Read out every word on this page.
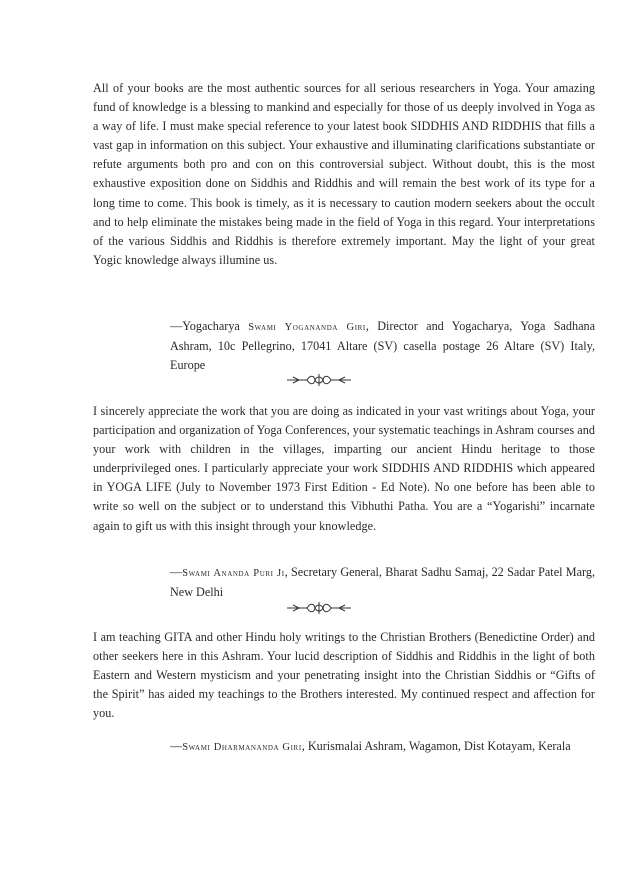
All of your books are the most authentic sources for all serious researchers in Yoga. Your amazing fund of knowledge is a blessing to mankind and especially for those of us deeply involved in Yoga as a way of life. I must make special reference to your latest book SIDDHIS AND RIDDHIS that fills a vast gap in information on this subject. Your exhaustive and illuminating clarifications substantiate or refute arguments both pro and con on this controversial subject. Without doubt, this is the most exhaustive exposition done on Siddhis and Riddhis and will remain the best work of its type for a long time to come. This book is timely, as it is necessary to caution modern seekers about the occult and to help eliminate the mistakes being made in the field of Yoga in this regard. Your interpretations of the various Siddhis and Riddhis is therefore extremely important. May the light of your great Yogic knowledge always illumine us.
—Yogacharya Swami Yogananda Giri, Director and Yogacharya, Yoga Sadhana Ashram, 10c Pellegrino, 17041 Altare (SV) casella postage 26 Altare (SV) Italy, Europe
I sincerely appreciate the work that you are doing as indicated in your vast writings about Yoga, your participation and organization of Yoga Conferences, your systematic teachings in Ashram courses and your work with children in the villages, imparting our ancient Hindu heritage to those underprivileged ones. I particularly appreciate your work SIDDHIS AND RIDDHIS which appeared in YOGA LIFE (July to November 1973 First Edition - Ed Note). No one before has been able to write so well on the subject or to understand this Vibhuthi Patha. You are a “Yogarishi” incarnate again to gift us with this insight through your knowledge.
—Swami Ananda Puri Ji, Secretary General, Bharat Sadhu Samaj, 22 Sadar Patel Marg, New Delhi
I am teaching GITA and other Hindu holy writings to the Christian Brothers (Benedictine Order) and other seekers here in this Ashram. Your lucid description of Siddhis and Riddhis in the light of both Eastern and Western mysticism and your penetrating insight into the Christian Siddhis or “Gifts of the Spirit” has aided my teachings to the Brothers interested. My continued respect and affection for you.
—Swami Dharmananda Giri, Kurismalai Ashram, Wagamon, Dist Kotayam, Kerala
